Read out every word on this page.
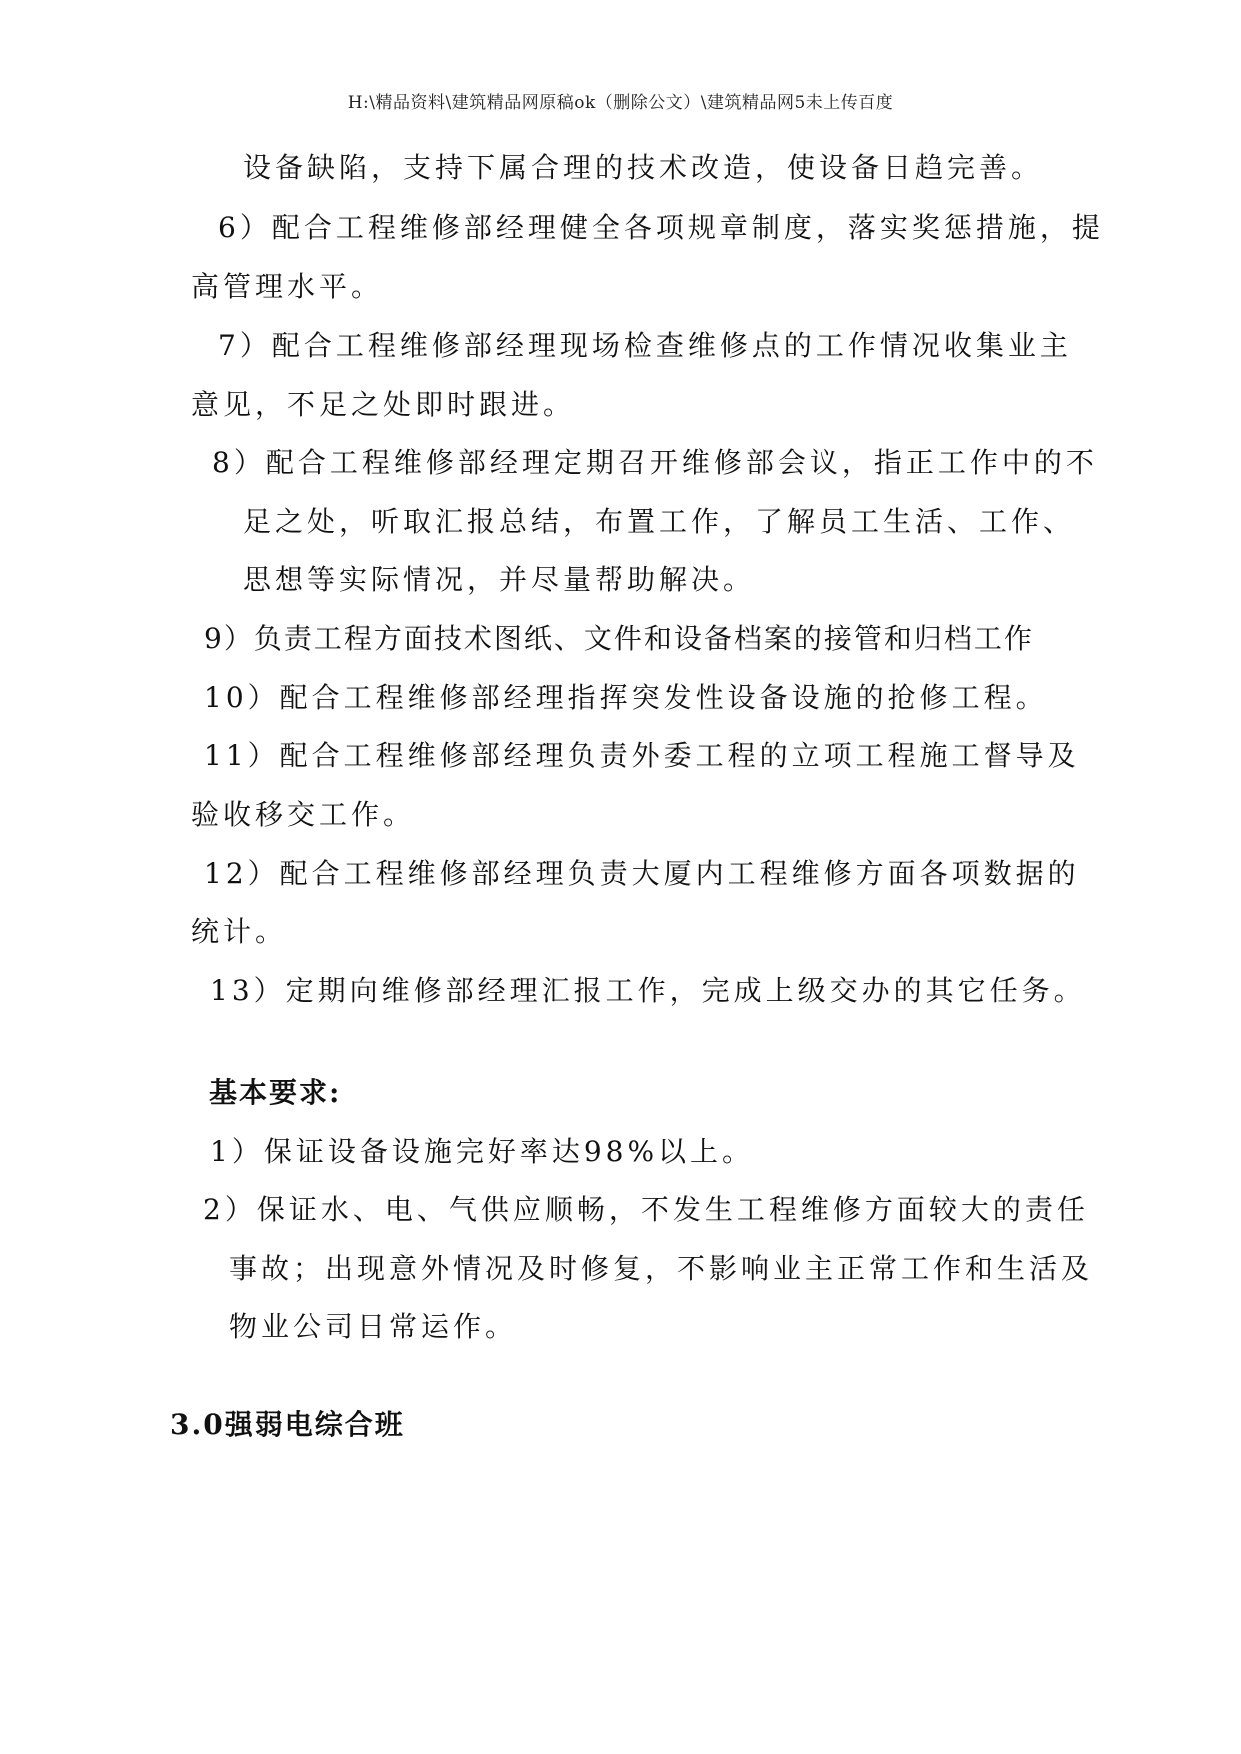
H:\精品资料\建筑精品网原稿ok（删除公文）\建筑精品网5未上传百度
设备缺陷，支持下属合理的技术改造，使设备日趋完善。
6）配合工程维修部经理健全各项规章制度，落实奖惩措施，提
高管理水平。
7）配合工程维修部经理现场检查维修点的工作情况收集业主
意见，不足之处即时跟进。
8）配合工程维修部经理定期召开维修部会议，指正工作中的不
足之处，听取汇报总结，布置工作，了解员工生活、工作、
思想等实际情况，并尽量帮助解决。
9）负责工程方面技术图纸、文件和设备档案的接管和归档工作
10）配合工程维修部经理指挥突发性设备设施的抢修工程。
11）配合工程维修部经理负责外委工程的立项工程施工督导及
验收移交工作。
12）配合工程维修部经理负责大厦内工程维修方面各项数据的
统计。
13）定期向维修部经理汇报工作，完成上级交办的其它任务。
基本要求:
1）保证设备设施完好率达98%以上。
2）保证水、电、气供应顺畅，不发生工程维修方面较大的责任
事故；出现意外情况及时修复，不影响业主正常工作和生活及
物业公司日常运作。
3.0强弱电综合班
